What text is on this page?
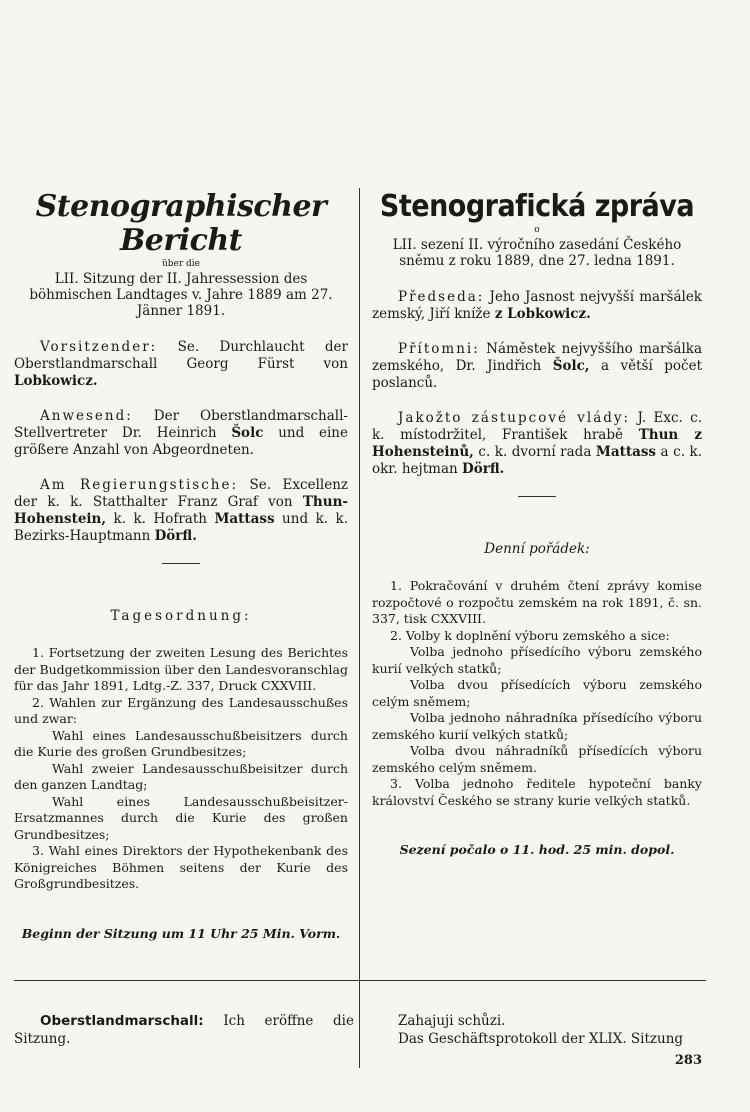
Stenographischer Bericht
über die
LII. Sitzung der II. Jahressession des böhmischen Landtages v. Jahre 1889 am 27. Jänner 1891.

Vorsitzender: Se. Durchlaucht der Oberstlandmarschall Georg Fürst von Lobkowicz.

Anwesend: Der Oberstlandmarschall-Stellvertreter Dr. Heinrich Šolc und eine größere Anzahl von Abgeordneten.

Am Regierungstische: Se. Excellenz der k. k. Statthalter Franz Graf von Thun-Hohenstein, k. k. Hofrath Mattass und k. k. Bezirks-Hauptmann Dörfl.

Tagesordnung:

1. Fortsetzung der zweiten Lesung des Berichtes der Budgetkommission über den Landesvoranschlag für das Jahr 1891, Ldtg.-Z. 337, Druck CXXVIII.

2. Wahlen zur Ergänzung des Landesausschußes und zwar:

Wahl eines Landesausschußbeisitzers durch die Kurie des großen Grundbesitzes;

Wahl zweier Landesausschußbeisitzer durch den ganzen Landtag;

Wahl eines Landesausschußbeisitzer-Ersatzmannes durch die Kurie des großen Grundbesitzes;

3. Wahl eines Direktors der Hypothekenbank des Königreiches Böhmen seitens der Kurie des Großgrundbesitzes.

Beginn der Sitzung um 11 Uhr 25 Min. Vorm.
Stenografická zpráva
o
LII. sezení II. výročního zasedání Českého sněmu z roku 1889, dne 27. ledna 1891.

Předseda: Jeho Jasnost nejvyšší maršálek zemský, Jiří kníže z Lobkowicz.

Přítomni: Náměstek nejvyššího maršálka zemského, Dr. Jindřich Šolc, a větší počet poslanců.

Jakožto zástupcové vlády: J. Exc. c. k. místodržitel, František hrabě Thun z Hohensteinů, c. k. dvorní rada Mattass a c. k. okr. hejtman Dörfl.

Denní pořádek:

1. Pokračování v druhém čtení zprávy komise rozpočtové o rozpočtu zemském na rok 1891, č. sn. 337, tisk CXXVIII.

2. Volby k doplnění výboru zemského a sice:

Volba jednoho přísedícího výboru zemského kurií velkých statků;

Volba dvou přísedících výboru zemského celým sněmem;

Volba jednoho náhradníka přísedícího výboru zemského kurií velkých statků;

Volba dvou náhradníků přísedících výboru zemského celým sněmem.

3. Volba jednoho ředitele hypoteční banky království Českého se strany kurie velkých statků.

Sezení počalo o 11. hod. 25 min. dopol.

Oberstlandmarschall: Ich eröffne die Sitzung.

Zahajuji schůzi.

Das Geschäftsprotokoll der XLIX. Sitzung

283
